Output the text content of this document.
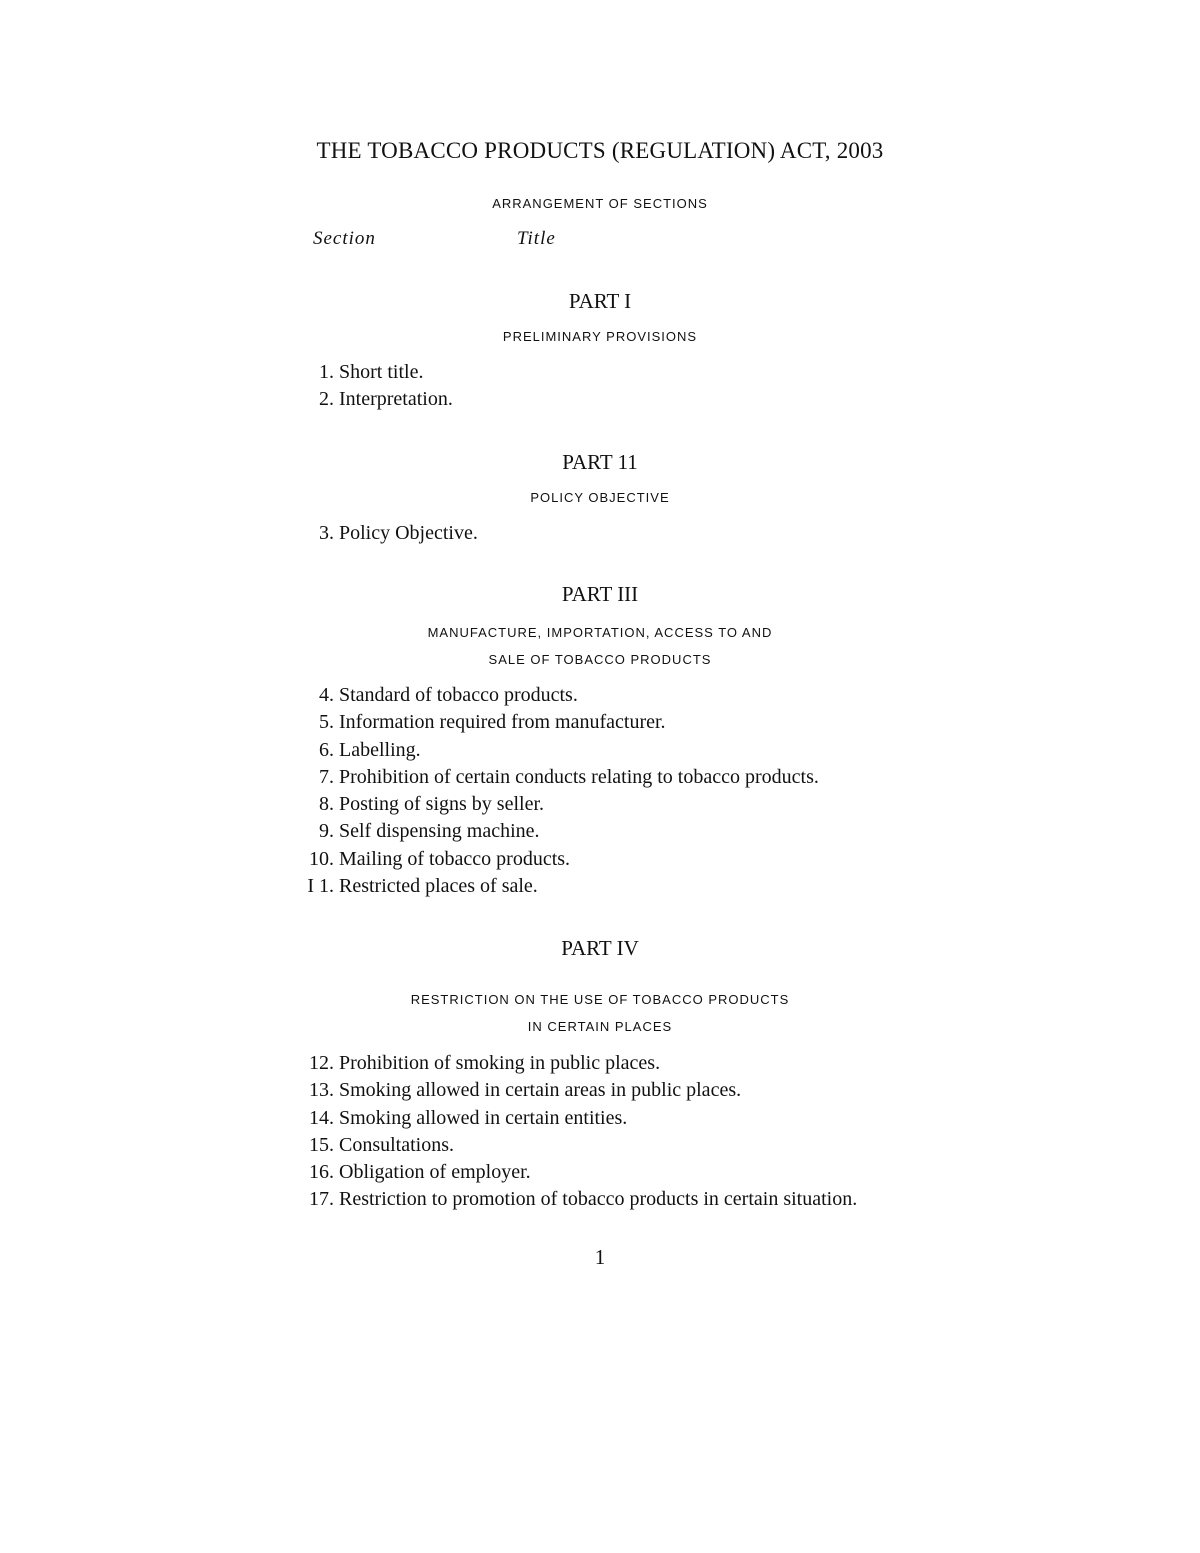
THE TOBACCO PRODUCTS (REGULATION) ACT, 2003
ARRANGEMENT OF SECTIONS
Section	Title
PART I
PRELIMINARY PROVISIONS
1. Short title.
2. Interpretation.
PART 11
POLICY OBJECTIVE
3. Policy Objective.
PART III
MANUFACTURE, IMPORTATION, ACCESS TO AND
SALE OF TOBACCO PRODUCTS
4. Standard of tobacco products.
5. Information required from manufacturer.
6. Labelling.
7. Prohibition of certain conducts relating to tobacco products.
8. Posting of signs by seller.
9. Self dispensing machine.
10. Mailing of tobacco products.
I 1. Restricted places of sale.
PART IV
RESTRICTION ON THE USE OF TOBACCO PRODUCTS
IN CERTAIN PLACES
12. Prohibition of smoking in public places.
13. Smoking allowed in certain areas in public places.
14. Smoking allowed in certain entities.
15. Consultations.
16. Obligation of employer.
17. Restriction to promotion of tobacco products in certain situation.
1
